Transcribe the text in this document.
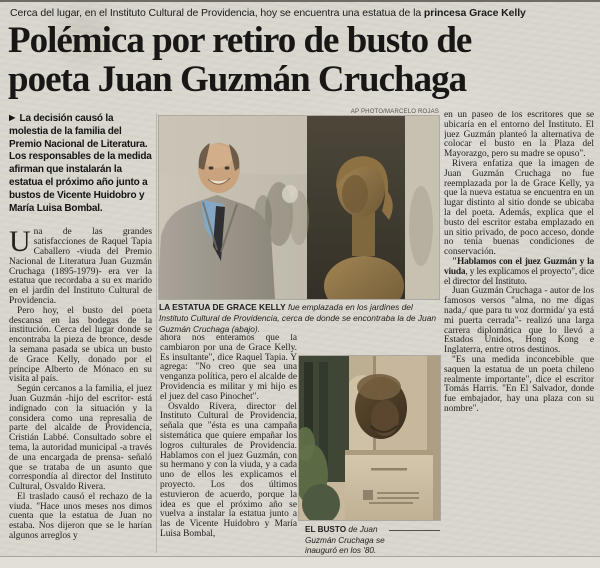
Cerca del lugar, en el Instituto Cultural de Providencia, hoy se encuentra una estatua de la princesa Grace Kelly
Polémica por retiro de busto de
poeta Juan Guzmán Cruchaga

▶ La decisión causó la molestia de la familia del Premio Nacional de Literatura. Los responsables de la medida afirman que instalarán la estatua el próximo año junto a bustos de Vicente Huidobro y María Luisa Bombal.

Una de las grandes satisfacciones de Raquel Tapia Caballero -viuda del Premio Nacional de Literatura Juan Guzmán Cruchaga (1895-1979)- era ver la estatua que recordaba a su ex marido en el jardín del Instituto Cultural de Providencia.

Pero hoy, el busto del poeta descansa en las bodegas de la institución. Cerca del lugar donde se encontraba la pieza de bronce, desde la semana pasada se ubica un busto de Grace Kelly, donado por el príncipe Alberto de Mónaco en su visita al país.

Según cercanos a la familia, el juez Juan Guzmán -hijo del escritor- está indignado con la situación y la considera como una represalia de parte del alcalde de Providencia, Cristián Labbé. Consultado sobre el tema, la autoridad municipal -a través de una encargada de prensa- señaló que se trataba de un asunto que correspondía al director del Instituto Cultural, Osvaldo Rivera.

El traslado causó el rechazo de la viuda. "Hace unos meses nos dimos cuenta que la estatua de Juan no estaba. Nos dijeron que se le harían algunos arreglos y

AP PHOTO/MARCELO ROJAS
LA ESTATUA DE GRACE KELLY fue emplazada en los jardines del Instituto Cultural de Providencia, cerca de donde se encontraba la de Juan Guzmán Cruchaga (abajo).

ahora nos enteramos que la cambiaron por una de Grace Kelly. Es insultante", dice Raquel Tapia. Y agrega: "No creo que sea una venganza política, pero el alcalde de Providencia es militar y mi hijo es el juez del caso Pinochet".

Osvaldo Rivera, director del Instituto Cultural de Providencia, señala que "ésta es una campaña sistemática que quiere empañar los logros culturales de Providencia. Hablamos con el juez Guzmán, con su hermano y con la viuda, y a cada uno de ellos les explicamos el proyecto. Los dos últimos estuvieron de acuerdo, porque la idea es que el próximo año se vuelva a instalar la estatua junto a las de Vicente Huidobro y María Luisa Bombal,	EL BUSTO de Juan Guzmán Cruchaga se inauguró en los '80.

en un paseo de los escritores que se ubicaría en el entorno del Instituto. El juez Guzmán planteó la alternativa de colocar el busto en la Plaza del Mayorazgo, pero su madre se opuso".

Rivera enfatiza que la imagen de Juan Guzmán Cruchaga no fue reemplazada por la de Grace Kelly, ya que la nueva estatua se encuentra en un lugar distinto al sitio donde se ubicaba la del poeta. Además, explica que el busto del escritor estaba emplazado en un sitio privado, de poco acceso, donde no tenía buenas condiciones de conservación.

"Hablamos con el juez Guzmán y la viuda, y les explicamos el proyecto", dice el director del Instituto.

Juan Guzmán Cruchaga - autor de los famosos versos "alma, no me digas nada,/ que para tu voz dormida/ ya está mi puerta cerrada"- realizó una larga carrera diplomática que lo llevó a Estados Unidos, Hong Kong e Inglaterra, entre otros destinos.

"Es una medida inconcebible que saquen la estatua de un poeta chileno realmente importante", dice el escritor Tomás Harris. "En El Salvador, donde fue embajador, hay una plaza con su nombre".
